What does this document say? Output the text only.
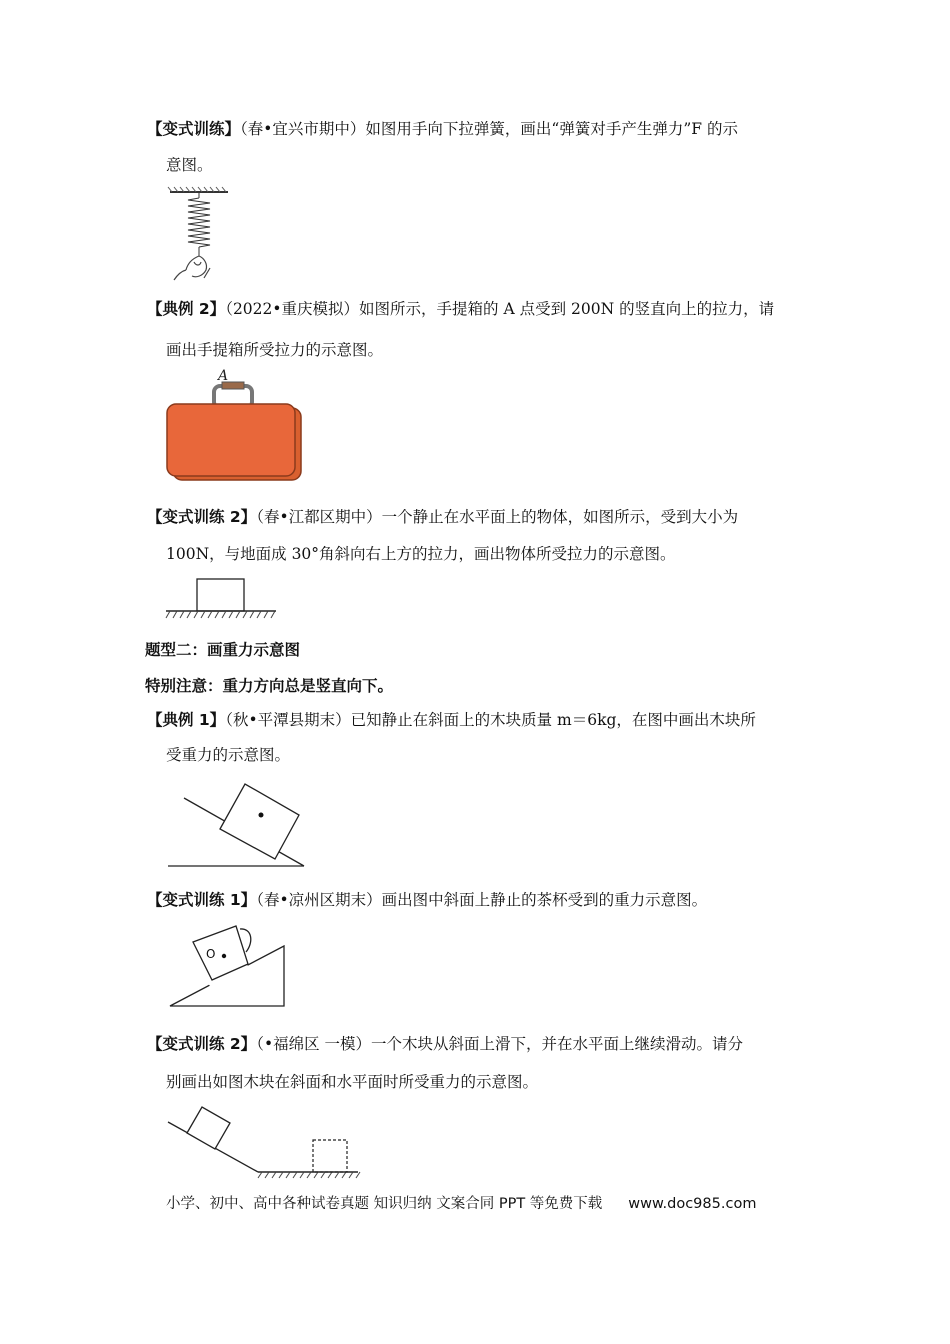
【变式训练】（春•宜兴市期中）如图用手向下拉弹簧，画出“弹簧对手产生弹力”F 的示
意图。
【典例 2】（2022•重庆模拟）如图所示，手提箱的 A 点受到 200N 的竖直向上的拉力，请
画出手提箱所受拉力的示意图。
A
【变式训练 2】（春•江都区期中）一个静止在水平面上的物体，如图所示，受到大小为
100N，与地面成 30°角斜向右上方的拉力，画出物体所受拉力的示意图。
题型二：画重力示意图
特别注意：重力方向总是竖直向下。
【典例 1】（秋•平潭县期末）已知静止在斜面上的木块质量 m＝6kg，在图中画出木块所
受重力的示意图。
【变式训练 1】（春•凉州区期末）画出图中斜面上静止的茶杯受到的重力示意图。
O
【变式训练 2】（•福绵区 一模）一个木块从斜面上滑下，并在水平面上继续滑动。请分
别画出如图木块在斜面和水平面时所受重力的示意图。
小学、初中、高中各种试卷真题 知识归纳 文案合同 PPT 等免费下载 www.doc985.com
